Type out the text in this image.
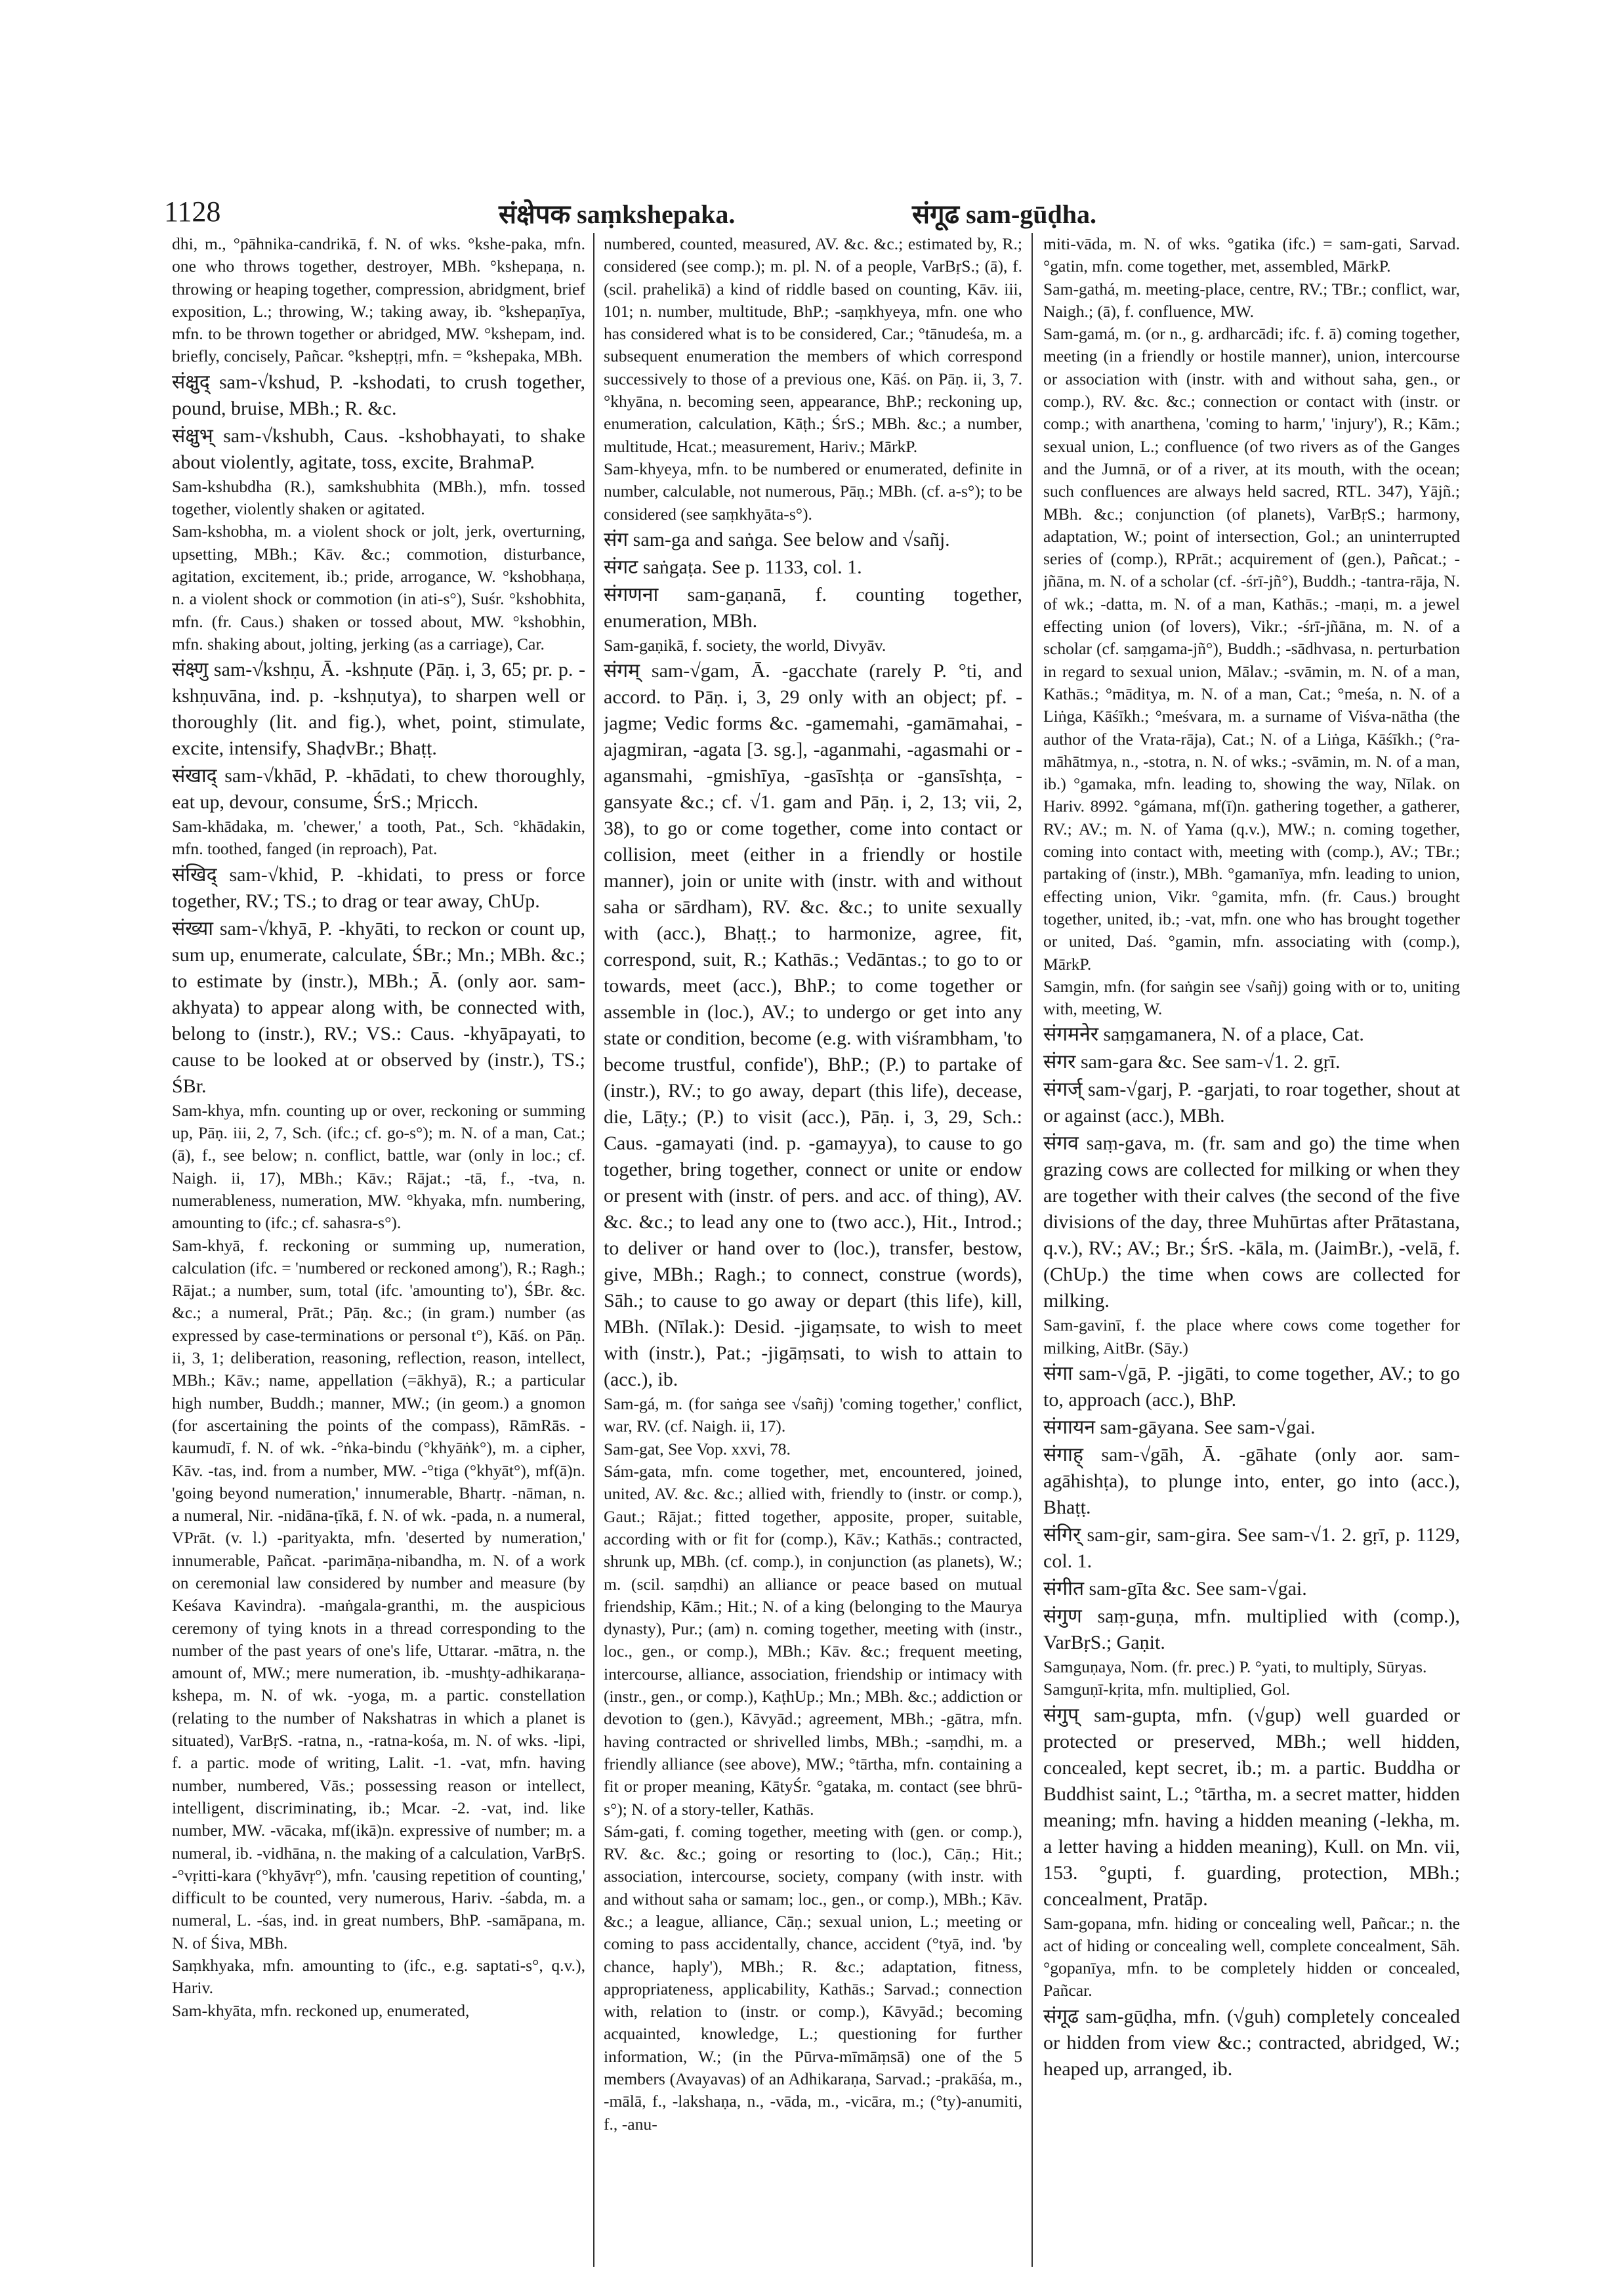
1128	संक्षेपक saṃkshepaka.	संगूढ sam-gūḍha.

dhi, m., °pāhnika-candrikā, f. N. of wks. °kshe-paka, mfn. one who throws together, destroyer, MBh. °kshepaṇa, n. throwing or heaping together, compression, abridgment, brief exposition, L.; throwing, W.; taking away, ib. °kshepaṇīya, mfn. to be thrown together or abridged, MW. °kshepam, ind. briefly, concisely, Pañcar. °kshepṭṛi, mfn. = °kshepaka, MBh.

संक्षुद् sam-√kshud, P. -kshodati, to crush together, pound, bruise, MBh.; R. &c.

संक्षुभ् sam-√kshubh, Caus. -kshobhayati, to shake about violently, agitate, toss, excite, BrahmaP.

Sam-kshubdha (R.), samkshubhita (MBh.), mfn. tossed together, violently shaken or agitated.

Sam-kshobha, m. a violent shock or jolt, jerk, overturning, upsetting, MBh.; Kāv. &c.; commotion, disturbance, agitation, excitement, ib.; pride, arrogance, W. °kshobhaṇa, n. a violent shock or commotion (in ati-s°), Suśr. °kshobhita, mfn. (fr. Caus.) shaken or tossed about, MW. °kshobhin, mfn. shaking about, jolting, jerking (as a carriage), Car.

संक्ष्णु sam-√kshṇu, Ā. -kshṇute (Pāṇ. i, 3, 65; pr. p. -kshṇuvāna, ind. p. -kshṇutya), to sharpen well or thoroughly (lit. and fig.), whet, point, stimulate, excite, intensify, ShaḍvBr.; Bhaṭṭ.

संखाद् sam-√khād, P. -khādati, to chew thoroughly, eat up, devour, consume, ŚrS.; Mṛicch.

Sam-khādaka, m. 'chewer,' a tooth, Pat., Sch. °khādakin, mfn. toothed, fanged (in reproach), Pat.

संखिद् sam-√khid, P. -khidati, to press or force together, RV.; TS.; to drag or tear away, ChUp.

संख्या sam-√khyā, P. -khyāti, to reckon or count up, sum up, enumerate, calculate, ŚBr.; Mn.; MBh. &c.; to estimate by (instr.), MBh.; Ā. (only aor. sam-akhyata) to appear along with, be connected with, belong to (instr.), RV.; VS.: Caus. -khyāpayati, to cause to be looked at or observed by (instr.), TS.; ŚBr.

Sam-khya, mfn. counting up or over, reckoning or summing up, Pāṇ. iii, 2, 7, Sch. (ifc.; cf. go-s°); m. N. of a man, Cat.; (ā), f., see below; n. conflict, battle, war (only in loc.; cf. Naigh. ii, 17), MBh.; Kāv.; Rājat.; -tā, f., -tva, n. numerableness, numeration, MW. °khyaka, mfn. numbering, amounting to (ifc.; cf. sahasra-s°).

Sam-khyā, f. reckoning or summing up, numeration, calculation (ifc. = 'numbered or reckoned among'), R.; Ragh.; Rājat.; a number, sum, total (ifc. 'amounting to'), ŚBr. &c. &c.; a numeral, Prāt.; Pāṇ. &c.; (in gram.) number (as expressed by case-terminations or personal t°), Kāś. on Pāṇ. ii, 3, 1; deliberation, reasoning, reflection, reason, intellect, MBh.; Kāv.; name, appellation (=ākhyā), R.; a particular high number, Buddh.; manner, MW.; (in geom.) a gnomon (for ascertaining the points of the compass), RāmRās. -kaumudī, f. N. of wk. -°ṅka-bindu (°khyāṅk°), m. a cipher, Kāv. -tas, ind. from a number, MW. -°tiga (°khyāt°), mf(ā)n. 'going beyond numeration,' innumerable, Bhartṛ. -nāman, n. a numeral, Nir. -nidāna-ṭīkā, f. N. of wk. -pada, n. a numeral, VPrāt. (v. l.) -parityakta, mfn. 'deserted by numeration,' innumerable, Pañcat. -parimāṇa-nibandha, m. N. of a work on ceremonial law considered by number and measure (by Keśava Kavindra). -maṅgala-granthi, m. the auspicious ceremony of tying knots in a thread corresponding to the number of the past years of one's life, Uttarar. -mātra, n. the amount of, MW.; mere numeration, ib. -mushṭy-adhikaraṇa-kshepa, m. N. of wk. -yoga, m. a partic. constellation (relating to the number of Nakshatras in which a planet is situated), VarBṛS. -ratna, n., -ratna-kośa, m. N. of wks. -lipi, f. a partic. mode of writing, Lalit. -1. -vat, mfn. having number, numbered, Vās.; possessing reason or intellect, intelligent, discriminating, ib.; Mcar. -2. -vat, ind. like number, MW. -vācaka, mf(ikā)n. expressive of number; m. a numeral, ib. -vidhāna, n. the making of a calculation, VarBṛS. -°vṛitti-kara (°khyāvṛ°), mfn. 'causing repetition of counting,' difficult to be counted, very numerous, Hariv. -śabda, m. a numeral, L. -śas, ind. in great numbers, BhP. -samāpana, m. N. of Śiva, MBh.

Saṃkhyaka, mfn. amounting to (ifc., e.g. saptati-s°, q.v.), Hariv.

Sam-khyāta, mfn. reckoned up, enumerated,

numbered, counted, measured, AV. &c. &c.; estimated by, R.; considered (see comp.); m. pl. N. of a people, VarBṛS.; (ā), f. (scil. prahelikā) a kind of riddle based on counting, Kāv. iii, 101; n. number, multitude, BhP.; -saṃkhyeya, mfn. one who has considered what is to be considered, Car.; °tānudeśa, m. a subsequent enumeration the members of which correspond successively to those of a previous one, Kāś. on Pāṇ. ii, 3, 7. °khyāna, n. becoming seen, appearance, BhP.; reckoning up, enumeration, calculation, Kāṭh.; ŚrS.; MBh. &c.; a number, multitude, Hcat.; measurement, Hariv.; MārkP.

Sam-khyeya, mfn. to be numbered or enumerated, definite in number, calculable, not numerous, Pāṇ.; MBh. (cf. a-s°); to be considered (see saṃkhyāta-s°).

संग sam-ga and saṅga. See below and √sañj.

संगट saṅgaṭa. See p. 1133, col. 1.

संगणना sam-gaṇanā, f. counting together, enumeration, MBh.

Sam-gaṇikā, f. society, the world, Divyāv.

संगम् sam-√gam, Ā. -gacchate (rarely P. °ti, and accord. to Pāṇ. i, 3, 29 only with an object; pf. -jagme; Vedic forms &c. -gamemahi, -gamāmahai, -ajagmiran, -agata [3. sg.], -aganmahi, -agasmahi or -agansmahi, -gmishīya, -gasīshṭa or -gansīshṭa, -gansyate &c.; cf. √1. gam and Pāṇ. i, 2, 13; vii, 2, 38), to go or come together, come into contact or collision, meet (either in a friendly or hostile manner), join or unite with (instr. with and without saha or sārdham), RV. &c. &c.; to unite sexually with (acc.), Bhaṭṭ.; to harmonize, agree, fit, correspond, suit, R.; Kathās.; Vedāntas.; to go to or towards, meet (acc.), BhP.; to come together or assemble in (loc.), AV.; to undergo or get into any state or condition, become (e.g. with viśrambham, 'to become trustful, confide'), BhP.; (P.) to partake of (instr.), RV.; to go away, depart (this life), decease, die, Lāṭy.; (P.) to visit (acc.), Pāṇ. i, 3, 29, Sch.: Caus. -gamayati (ind. p. -gamayya), to cause to go together, bring together, connect or unite or endow or present with (instr. of pers. and acc. of thing), AV. &c. &c.; to lead any one to (two acc.), Hit., Introd.; to deliver or hand over to (loc.), transfer, bestow, give, MBh.; Ragh.; to connect, construe (words), Sāh.; to cause to go away or depart (this life), kill, MBh. (Nīlak.): Desid. -jigaṃsate, to wish to meet with (instr.), Pat.; -jigāṃsati, to wish to attain to (acc.), ib.

Sam-gá, m. (for saṅga see √sañj) 'coming together,' conflict, war, RV. (cf. Naigh. ii, 17).

Sam-gat, See Vop. xxvi, 78.

Sám-gata, mfn. come together, met, encountered, joined, united, AV. &c. &c.; allied with, friendly to (instr. or comp.), Gaut.; Rājat.; fitted together, apposite, proper, suitable, according with or fit for (comp.), Kāv.; Kathās.; contracted, shrunk up, MBh. (cf. comp.), in conjunction (as planets), W.; m. (scil. saṃdhi) an alliance or peace based on mutual friendship, Kām.; Hit.; N. of a king (belonging to the Maurya dynasty), Pur.; (am) n. coming together, meeting with (instr., loc., gen., or comp.), MBh.; Kāv. &c.; frequent meeting, intercourse, alliance, association, friendship or intimacy with (instr., gen., or comp.), KaṭhUp.; Mn.; MBh. &c.; addiction or devotion to (gen.), Kāvyād.; agreement, MBh.; -gātra, mfn. having contracted or shrivelled limbs, MBh.; -saṃdhi, m. a friendly alliance (see above), MW.; °tārtha, mfn. containing a fit or proper meaning, KātyŚr. °gataka, m. contact (see bhrū-s°); N. of a story-teller, Kathās.

Sám-gati, f. coming together, meeting with (gen. or comp.), RV. &c. &c.; going or resorting to (loc.), Cāṇ.; Hit.; association, intercourse, society, company (with instr. with and without saha or samam; loc., gen., or comp.), MBh.; Kāv. &c.; a league, alliance, Cāṇ.; sexual union, L.; meeting or coming to pass accidentally, chance, accident (°tyā, ind. 'by chance, haply'), MBh.; R. &c.; adaptation, fitness, appropriateness, applicability, Kathās.; Sarvad.; connection with, relation to (instr. or comp.), Kāvyād.; becoming acquainted, knowledge, L.; questioning for further information, W.; (in the Pūrva-mīmāṃsā) one of the 5 members (Avayavas) of an Adhikaraṇa, Sarvad.; -prakāśa, m., -mālā, f., -lakshaṇa, n., -vāda, m., -vicāra, m.; (°ty)-anumiti, f., -anu-

miti-vāda, m. N. of wks. °gatika (ifc.) = sam-gati, Sarvad. °gatin, mfn. come together, met, assembled, MārkP.

Sam-gathá, m. meeting-place, centre, RV.; TBr.; conflict, war, Naigh.; (ā), f. confluence, MW.

Sam-gamá, m. (or n., g. ardharcādi; ifc. f. ā) coming together, meeting (in a friendly or hostile manner), union, intercourse or association with (instr. with and without saha, gen., or comp.), RV. &c. &c.; connection or contact with (instr. or comp.; with anarthena, 'coming to harm,' 'injury'), R.; Kām.; sexual union, L.; confluence (of two rivers as of the Ganges and the Jumnā, or of a river, at its mouth, with the ocean; such confluences are always held sacred, RTL. 347), Yājñ.; MBh. &c.; conjunction (of planets), VarBṛS.; harmony, adaptation, W.; point of intersection, Gol.; an uninterrupted series of (comp.), RPrāt.; acquirement of (gen.), Pañcat.; -jñāna, m. N. of a scholar (cf. -śrī-jñ°), Buddh.; -tantra-rāja, N. of wk.; -datta, m. N. of a man, Kathās.; -maṇi, m. a jewel effecting union (of lovers), Vikr.; -śrī-jñāna, m. N. of a scholar (cf. saṃgama-jñ°), Buddh.; -sādhvasa, n. perturbation in regard to sexual union, Mālav.; -svāmin, m. N. of a man, Kathās.; °māditya, m. N. of a man, Cat.; °meśa, n. N. of a Liṅga, Kāśīkh.; °meśvara, m. a surname of Viśva-nātha (the author of the Vrata-rāja), Cat.; N. of a Liṅga, Kāśīkh.; (°ra-māhātmya, n., -stotra, n. N. of wks.; -svāmin, m. N. of a man, ib.) °gamaka, mfn. leading to, showing the way, Nīlak. on Hariv. 8992. °gámana, mf(ī)n. gathering together, a gatherer, RV.; AV.; m. N. of Yama (q.v.), MW.; n. coming together, coming into contact with, meeting with (comp.), AV.; TBr.; partaking of (instr.), MBh. °gamanīya, mfn. leading to union, effecting union, Vikr. °gamita, mfn. (fr. Caus.) brought together, united, ib.; -vat, mfn. one who has brought together or united, Daś. °gamin, mfn. associating with (comp.), MārkP.

Samgin, mfn. (for saṅgin see √sañj) going with or to, uniting with, meeting, W.

संगमनेर saṃgamanera, N. of a place, Cat.

संगर sam-gara &c. See sam-√1. 2. gṛī.

संगर्ज् sam-√garj, P. -garjati, to roar together, shout at or against (acc.), MBh.

संगव saṃ-gava, m. (fr. sam and go) the time when grazing cows are collected for milking or when they are together with their calves (the second of the five divisions of the day, three Muhūrtas after Prātastana, q.v.), RV.; AV.; Br.; ŚrS. -kāla, m. (JaimBr.), -velā, f. (ChUp.) the time when cows are collected for milking.

Sam-gavinī, f. the place where cows come together for milking, AitBr. (Sāy.)

संगा sam-√gā, P. -jigāti, to come together, AV.; to go to, approach (acc.), BhP.

संगायन sam-gāyana. See sam-√gai.

संगाह् sam-√gāh, Ā. -gāhate (only aor. sam-agāhishṭa), to plunge into, enter, go into (acc.), Bhaṭṭ.

संगिर् sam-gir, sam-gira. See sam-√1. 2. gṛī, p. 1129, col. 1.

संगीत sam-gīta &c. See sam-√gai.

संगुण saṃ-guṇa, mfn. multiplied with (comp.), VarBṛS.; Gaṇit.

Samguṇaya, Nom. (fr. prec.) P. °yati, to multiply, Sūryas.

Samguṇī-kṛita, mfn. multiplied, Gol.

संगुप् sam-gupta, mfn. (√gup) well guarded or protected or preserved, MBh.; well hidden, concealed, kept secret, ib.; m. a partic. Buddha or Buddhist saint, L.; °tārtha, m. a secret matter, hidden meaning; mfn. having a hidden meaning (-lekha, m. a letter having a hidden meaning), Kull. on Mn. vii, 153. °gupti, f. guarding, protection, MBh.; concealment, Pratāp.

Sam-gopana, mfn. hiding or concealing well, Pañcar.; n. the act of hiding or concealing well, complete concealment, Sāh. °gopanīya, mfn. to be completely hidden or concealed, Pañcar.

संगूढ sam-gūḍha, mfn. (√guh) completely concealed or hidden from view &c.; contracted, abridged, W.; heaped up, arranged, ib.
